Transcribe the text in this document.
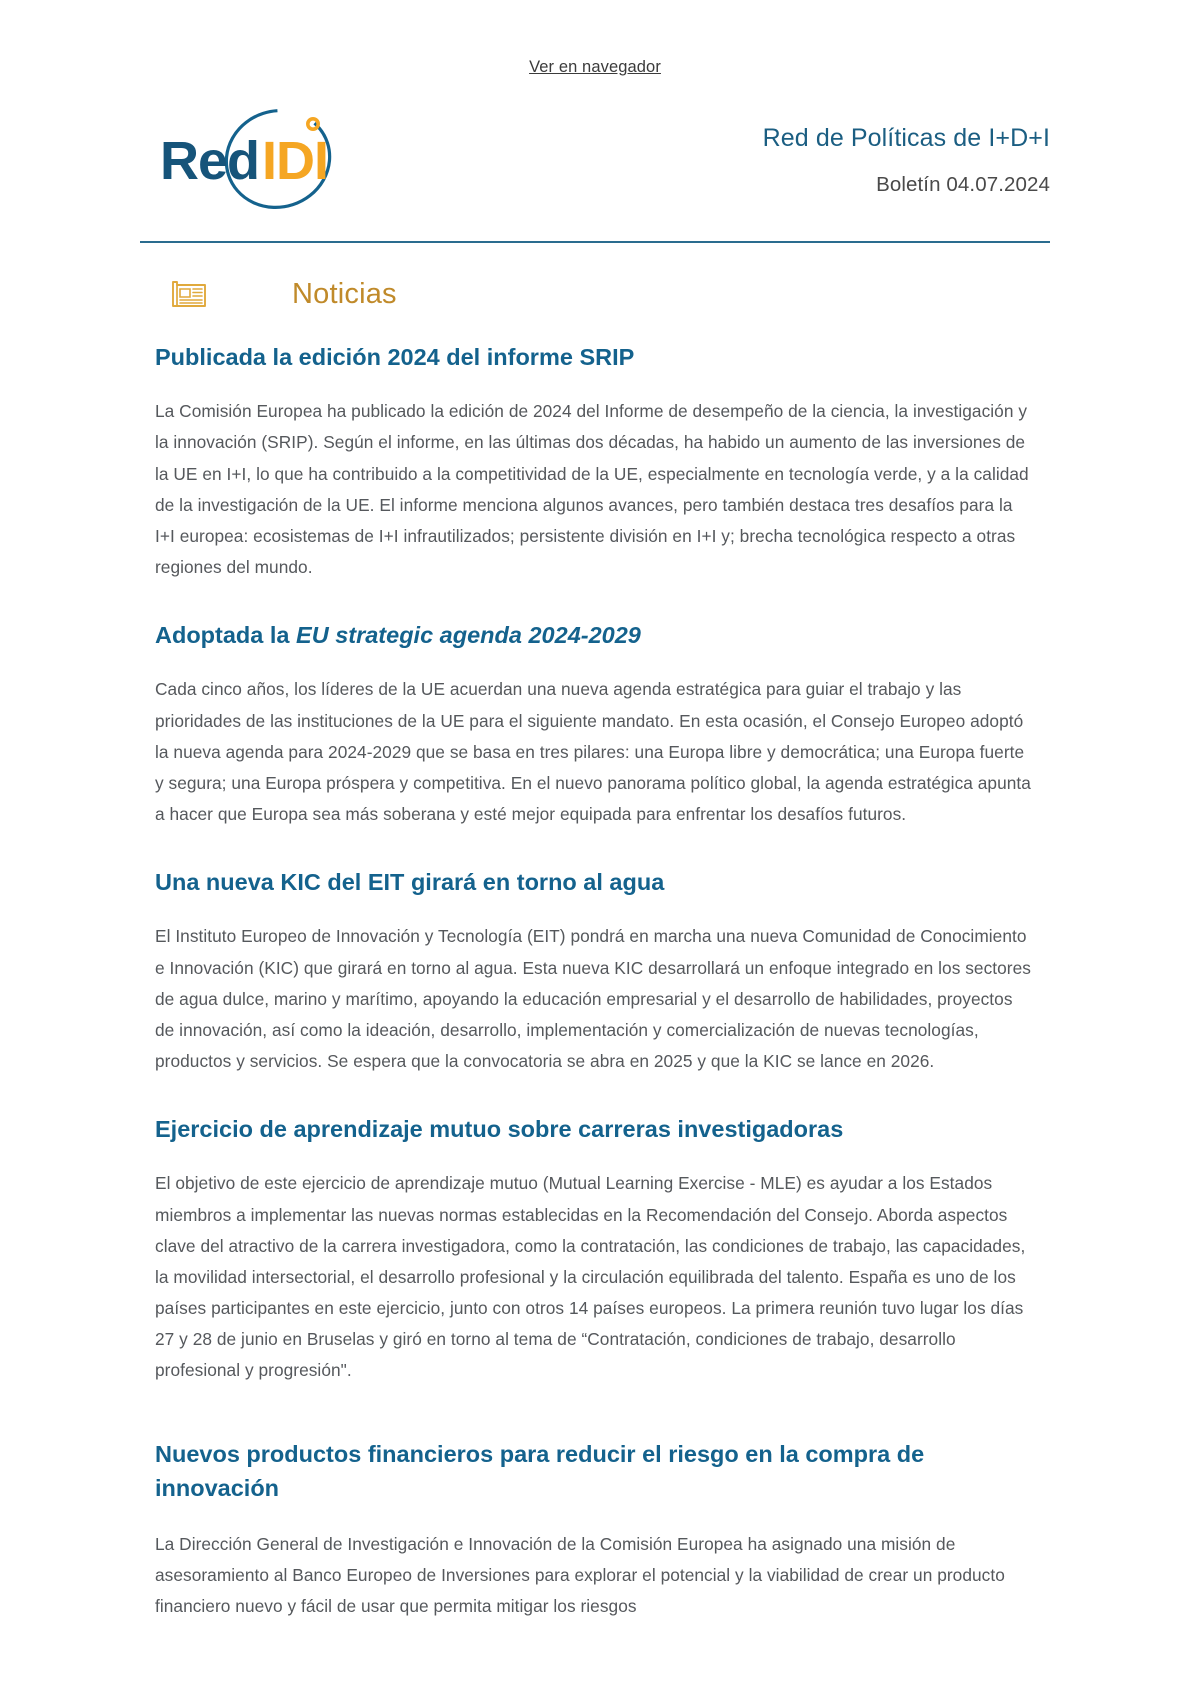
Ver en navegador
Red IDI	Red de Políticas de I+D+I
Boletín 04.07.2024
Noticias
Publicada la edición 2024 del informe SRIP

La Comisión Europea ha publicado la edición de 2024 del Informe de desempeño de la ciencia, la investigación y la innovación (SRIP). Según el informe, en las últimas dos décadas, ha habido un aumento de las inversiones de la UE en I+I, lo que ha contribuido a la competitividad de la UE, especialmente en tecnología verde, y a la calidad de la investigación de la UE. El informe menciona algunos avances, pero también destaca tres desafíos para la I+I europea: ecosistemas de I+I infrautilizados; persistente división en I+I y; brecha tecnológica respecto a otras regiones del mundo.

Adoptada la EU strategic agenda 2024-2029

Cada cinco años, los líderes de la UE acuerdan una nueva agenda estratégica para guiar el trabajo y las prioridades de las instituciones de la UE para el siguiente mandato. En esta ocasión, el Consejo Europeo adoptó la nueva agenda para 2024-2029 que se basa en tres pilares: una Europa libre y democrática; una Europa fuerte y segura; una Europa próspera y competitiva. En el nuevo panorama político global, la agenda estratégica apunta a hacer que Europa sea más soberana y esté mejor equipada para enfrentar los desafíos futuros.

Una nueva KIC del EIT girará en torno al agua

El Instituto Europeo de Innovación y Tecnología (EIT) pondrá en marcha una nueva Comunidad de Conocimiento e Innovación (KIC) que girará en torno al agua. Esta nueva KIC desarrollará un enfoque integrado en los sectores de agua dulce, marino y marítimo, apoyando la educación empresarial y el desarrollo de habilidades, proyectos de innovación, así como la ideación, desarrollo, implementación y comercialización de nuevas tecnologías, productos y servicios. Se espera que la convocatoria se abra en 2025 y que la KIC se lance en 2026.

Ejercicio de aprendizaje mutuo sobre carreras investigadoras

El objetivo de este ejercicio de aprendizaje mutuo (Mutual Learning Exercise - MLE) es ayudar a los Estados miembros a implementar las nuevas normas establecidas en la Recomendación del Consejo. Aborda aspectos clave del atractivo de la carrera investigadora, como la contratación, las condiciones de trabajo, las capacidades, la movilidad intersectorial, el desarrollo profesional y la circulación equilibrada del talento. España es uno de los países participantes en este ejercicio, junto con otros 14 países europeos. La primera reunión tuvo lugar los días 27 y 28 de junio en Bruselas y giró en torno al tema de “Contratación, condiciones de trabajo, desarrollo profesional y progresión".

Nuevos productos financieros para reducir el riesgo en la compra de innovación

La Dirección General de Investigación e Innovación de la Comisión Europea ha asignado una misión de asesoramiento al Banco Europeo de Inversiones para explorar el potencial y la viabilidad de crear un producto financiero nuevo y fácil de usar que permita mitigar los riesgos
